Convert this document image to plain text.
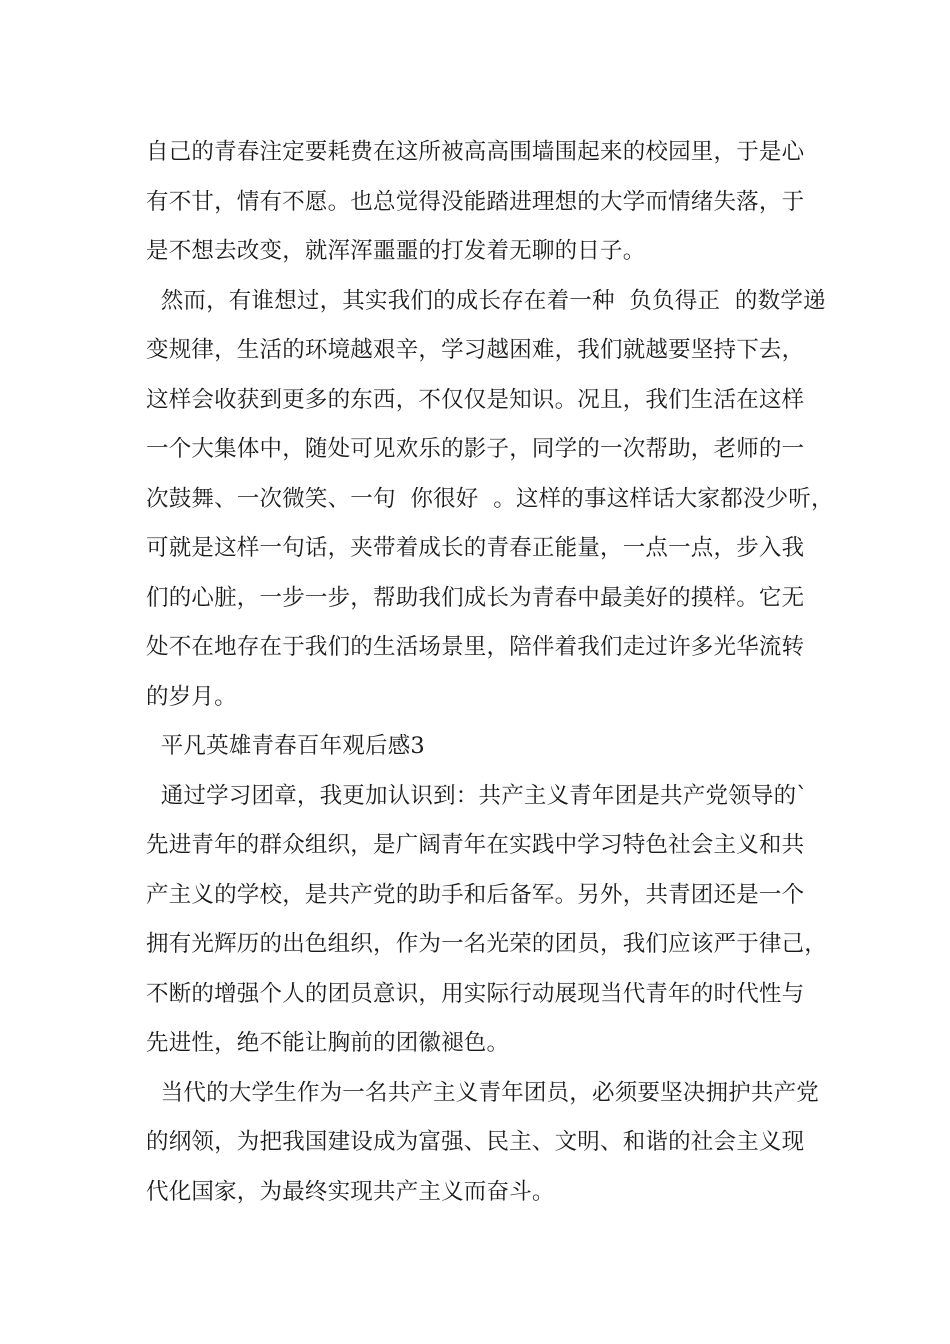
自己的青春注定要耗费在这所被高高围墙围起来的校园里，于是心
有不甘，情有不愿。也总觉得没能踏进理想的大学而情绪失落，于
是不想去改变，就浑浑噩噩的打发着无聊的日子。
然而，有谁想过，其实我们的成长存在着一种  负负得正  的数学递
变规律，生活的环境越艰辛，学习越困难，我们就越要坚持下去，
这样会收获到更多的东西，不仅仅是知识。况且，我们生活在这样
一个大集体中，随处可见欢乐的影子，同学的一次帮助，老师的一
次鼓舞、一次微笑、一句  你很好  。这样的事这样话大家都没少听，
可就是这样一句话，夹带着成长的青春正能量，一点一点，步入我
们的心脏，一步一步，帮助我们成长为青春中最美好的摸样。它无
处不在地存在于我们的生活场景里，陪伴着我们走过许多光华流转
的岁月。
平凡英雄青春百年观后感3
通过学习团章，我更加认识到：共产主义青年团是共产党领导的`
先进青年的群众组织，是广阔青年在实践中学习特色社会主义和共
产主义的学校，是共产党的助手和后备军。另外，共青团还是一个
拥有光辉历的出色组织，作为一名光荣的团员，我们应该严于律己，
不断的增强个人的团员意识，用实际行动展现当代青年的时代性与
先进性，绝不能让胸前的团徽褪色。
当代的大学生作为一名共产主义青年团员，必须要坚决拥护共产党
的纲领，为把我国建设成为富强、民主、文明、和谐的社会主义现
代化国家，为最终实现共产主义而奋斗。
